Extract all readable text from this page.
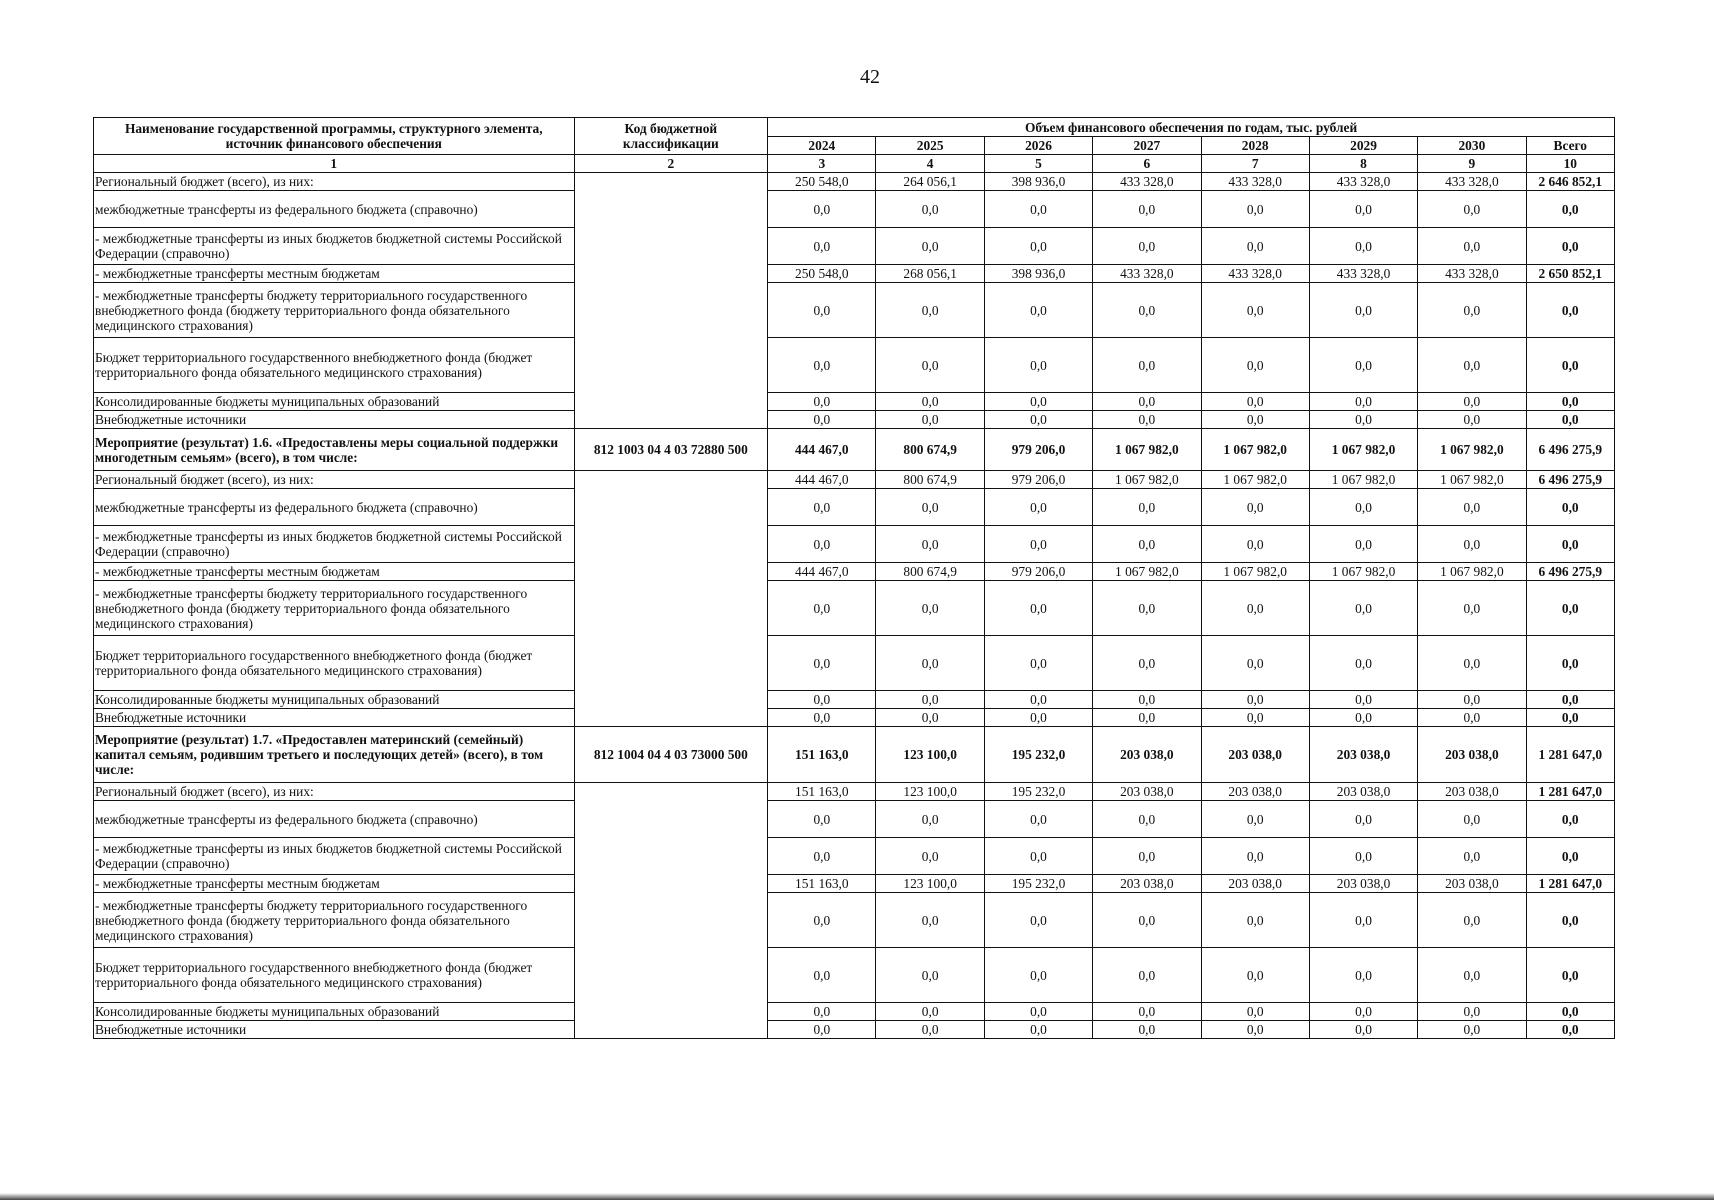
42
Наименование государственной программы, структурного элемента, источник финансового обеспечения	Код бюджетной классификации	Объем финансового обеспечения по годам, тыс. рублей							
		2024	2025	2026	2027	2028	2029	2030	Всего
1	2	3	4	5	6	7	8	9	10
Региональный бюджет (всего), из них:		250 548,0	264 056,1	398 936,0	433 328,0	433 328,0	433 328,0	433 328,0	2 646 852,1
межбюджетные трансферты из федерального бюджета (справочно)		0,0	0,0	0,0	0,0	0,0	0,0	0,0	0,0
- межбюджетные трансферты из иных бюджетов бюджетной системы Российской Федерации (справочно)		0,0	0,0	0,0	0,0	0,0	0,0	0,0	0,0
- межбюджетные трансферты местным бюджетам		250 548,0	268 056,1	398 936,0	433 328,0	433 328,0	433 328,0	433 328,0	2 650 852,1
- межбюджетные трансферты бюджету территориального государственного внебюджетного фонда (бюджету территориального фонда обязательного медицинского страхования)		0,0	0,0	0,0	0,0	0,0	0,0	0,0	0,0
Бюджет территориального государственного внебюджетного фонда (бюджет территориального фонда обязательного медицинского страхования)		0,0	0,0	0,0	0,0	0,0	0,0	0,0	0,0
Консолидированные бюджеты муниципальных образований		0,0	0,0	0,0	0,0	0,0	0,0	0,0	0,0
Внебюджетные источники		0,0	0,0	0,0	0,0	0,0	0,0	0,0	0,0
Мероприятие (результат) 1.6. «Предоставлены меры социальной поддержки многодетным семьям» (всего), в том числе:	812 1003 04 4 03 72880 500	444 467,0	800 674,9	979 206,0	1 067 982,0	1 067 982,0	1 067 982,0	1 067 982,0	6 496 275,9
Региональный бюджет (всего), из них:		444 467,0	800 674,9	979 206,0	1 067 982,0	1 067 982,0	1 067 982,0	1 067 982,0	6 496 275,9
межбюджетные трансферты из федерального бюджета (справочно)		0,0	0,0	0,0	0,0	0,0	0,0	0,0	0,0
- межбюджетные трансферты из иных бюджетов бюджетной системы Российской Федерации (справочно)		0,0	0,0	0,0	0,0	0,0	0,0	0,0	0,0
- межбюджетные трансферты местным бюджетам		444 467,0	800 674,9	979 206,0	1 067 982,0	1 067 982,0	1 067 982,0	1 067 982,0	6 496 275,9
- межбюджетные трансферты бюджету территориального государственного внебюджетного фонда (бюджету территориального фонда обязательного медицинского страхования)		0,0	0,0	0,0	0,0	0,0	0,0	0,0	0,0
Бюджет территориального государственного внебюджетного фонда (бюджет территориального фонда обязательного медицинского страхования)		0,0	0,0	0,0	0,0	0,0	0,0	0,0	0,0
Консолидированные бюджеты муниципальных образований		0,0	0,0	0,0	0,0	0,0	0,0	0,0	0,0
Внебюджетные источники		0,0	0,0	0,0	0,0	0,0	0,0	0,0	0,0
Мероприятие (результат) 1.7. «Предоставлен материнский (семейный) капитал семьям, родившим третьего и последующих детей» (всего), в том числе:	812 1004 04 4 03 73000 500	151 163,0	123 100,0	195 232,0	203 038,0	203 038,0	203 038,0	203 038,0	1 281 647,0
Региональный бюджет (всего), из них:		151 163,0	123 100,0	195 232,0	203 038,0	203 038,0	203 038,0	203 038,0	1 281 647,0
межбюджетные трансферты из федерального бюджета (справочно)		0,0	0,0	0,0	0,0	0,0	0,0	0,0	0,0
- межбюджетные трансферты из иных бюджетов бюджетной системы Российской Федерации (справочно)		0,0	0,0	0,0	0,0	0,0	0,0	0,0	0,0
- межбюджетные трансферты местным бюджетам		151 163,0	123 100,0	195 232,0	203 038,0	203 038,0	203 038,0	203 038,0	1 281 647,0
- межбюджетные трансферты бюджету территориального государственного внебюджетного фонда (бюджету территориального фонда обязательного медицинского страхования)		0,0	0,0	0,0	0,0	0,0	0,0	0,0	0,0
Бюджет территориального государственного внебюджетного фонда (бюджет территориального фонда обязательного медицинского страхования)		0,0	0,0	0,0	0,0	0,0	0,0	0,0	0,0
Консолидированные бюджеты муниципальных образований		0,0	0,0	0,0	0,0	0,0	0,0	0,0	0,0
Внебюджетные источники		0,0	0,0	0,0	0,0	0,0	0,0	0,0	0,0
